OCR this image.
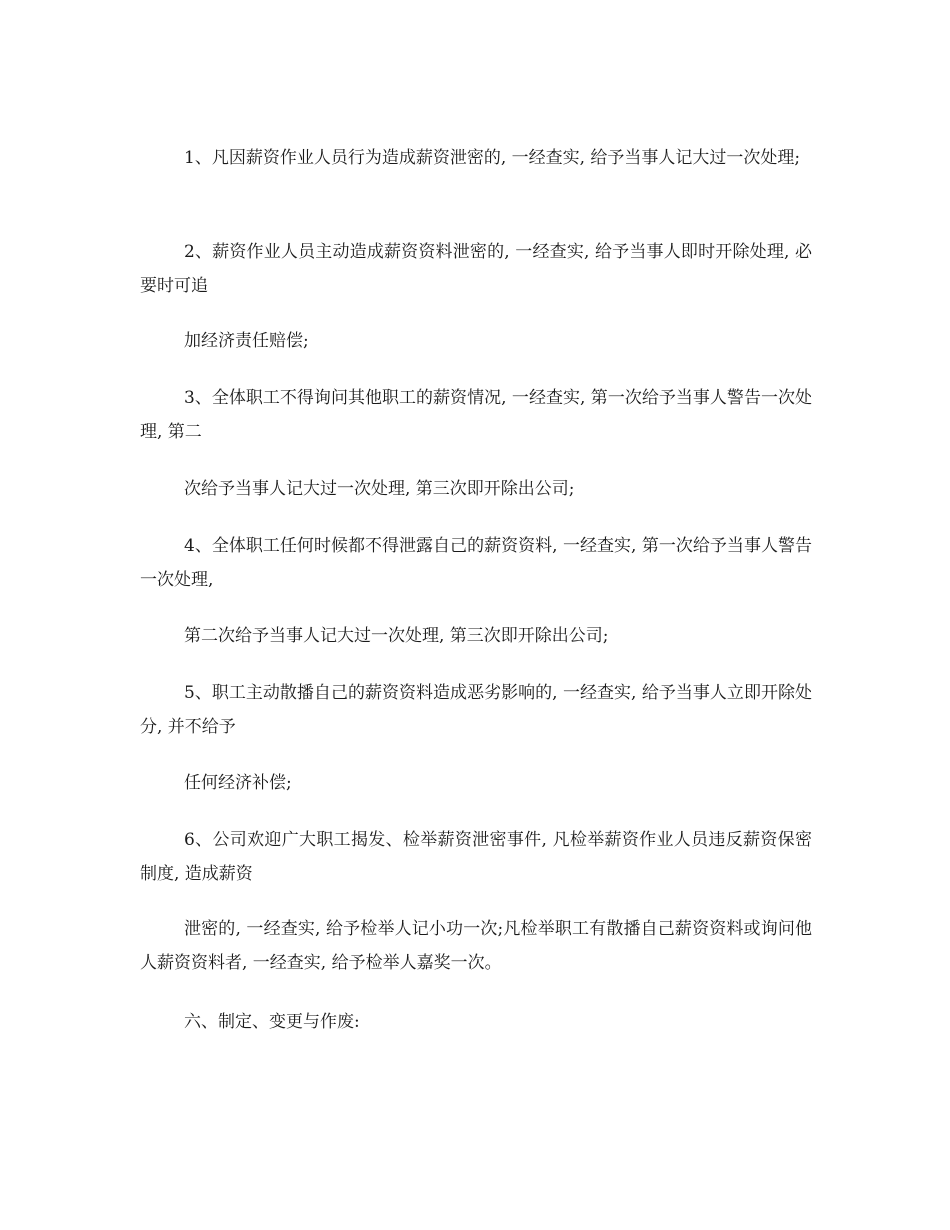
1、凡因薪资作业人员行为造成薪资泄密的, 一经查实, 给予当事人记大过一次处理;

2、薪资作业人员主动造成薪资资料泄密的, 一经查实, 给予当事人即时开除处理, 必要时可追

加经济责任赔偿;

3、全体职工不得询问其他职工的薪资情况, 一经查实, 第一次给予当事人警告一次处理, 第二

次给予当事人记大过一次处理, 第三次即开除出公司;

4、全体职工任何时候都不得泄露自己的薪资资料, 一经查实, 第一次给予当事人警告一次处理,

第二次给予当事人记大过一次处理, 第三次即开除出公司;

5、职工主动散播自己的薪资资料造成恶劣影响的, 一经查实, 给予当事人立即开除处分, 并不给予

任何经济补偿;

6、公司欢迎广大职工揭发、检举薪资泄密事件, 凡检举薪资作业人员违反薪资保密制度, 造成薪资

泄密的, 一经查实, 给予检举人记小功一次;凡检举职工有散播自己薪资资料或询问他人薪资资料者, 一经查实, 给予检举人嘉奖一次。

六、制定、变更与作废:
